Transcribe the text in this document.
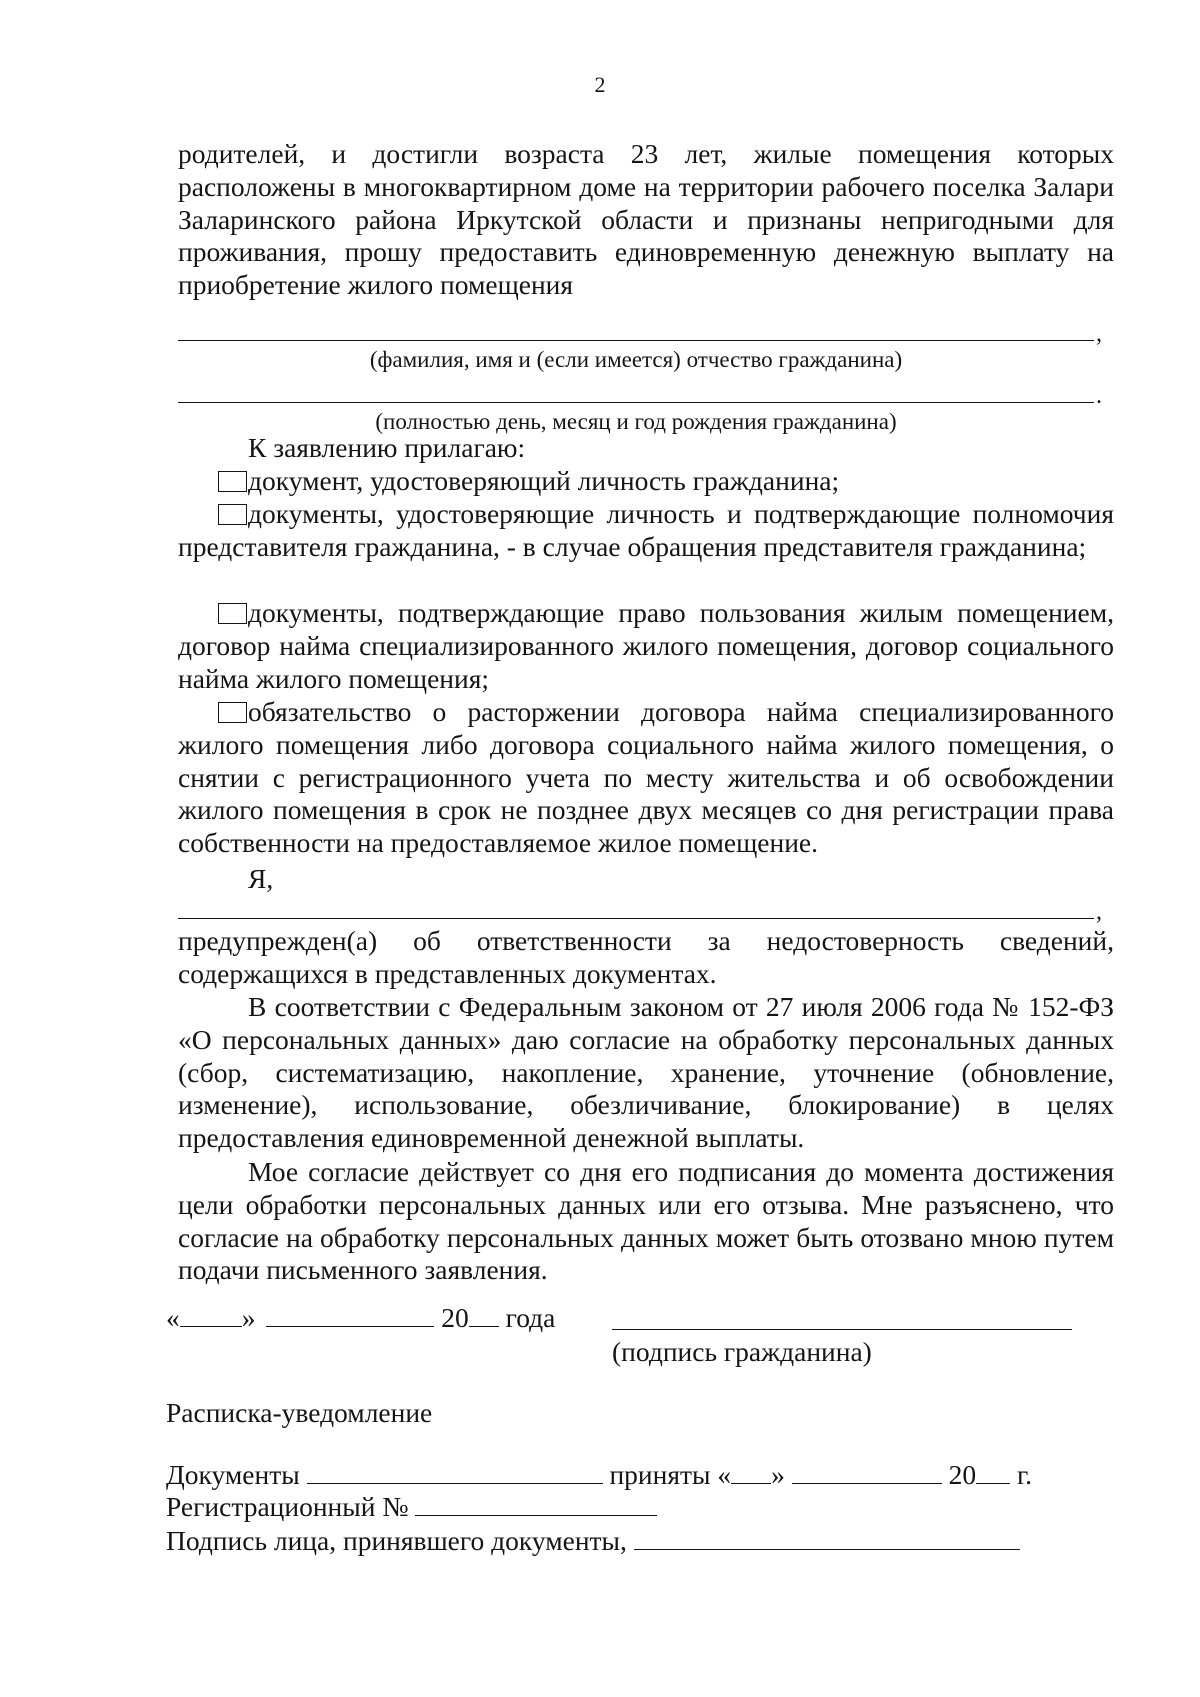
2
родителей, и достигли возраста 23 лет, жилые помещения которых расположены в многоквартирном доме на территории рабочего поселка Залари Заларинского района Иркутской области и признаны непригодными для проживания, прошу предоставить единовременную денежную выплату на приобретение жилого помещения
,
(фамилия, имя и (если имеется) отчество гражданина)
.
(полностью день, месяц и год рождения гражданина)
К заявлению прилагаю:
документ, удостоверяющий личность гражданина;
документы, удостоверяющие личность и подтверждающие полномочия представителя гражданина, - в случае обращения представителя гражданина;
документы, подтверждающие право пользования жилым помещением, договор найма специализированного жилого помещения, договор социального найма жилого помещения;
обязательство о расторжении договора найма специализированного жилого помещения либо договора социального найма жилого помещения, о снятии с регистрационного учета по месту жительства и об освобождении жилого помещения в срок не позднее двух месяцев со дня регистрации права собственности на предоставляемое жилое помещение.
Я,
,
предупрежден(а) об ответственности за недостоверность сведений, содержащихся в представленных документах.
В соответствии с Федеральным законом от 27 июля 2006 года № 152-ФЗ «О персональных данных» даю согласие на обработку персональных данных (сбор, систематизацию, накопление, хранение, уточнение (обновление, изменение), использование, обезличивание, блокирование) в целях предоставления единовременной денежной выплаты.
Мое согласие действует со дня его подписания до момента достижения цели обработки персональных данных или его отзыва. Мне разъяснено, что согласие на обработку персональных данных может быть отозвано мною путем подачи письменного заявления.
« »	20 года
(подпись гражданина)
Расписка-уведомление
Документы	приняты « »	20 г.
Регистрационный №
Подпись лица, принявшего документы,
